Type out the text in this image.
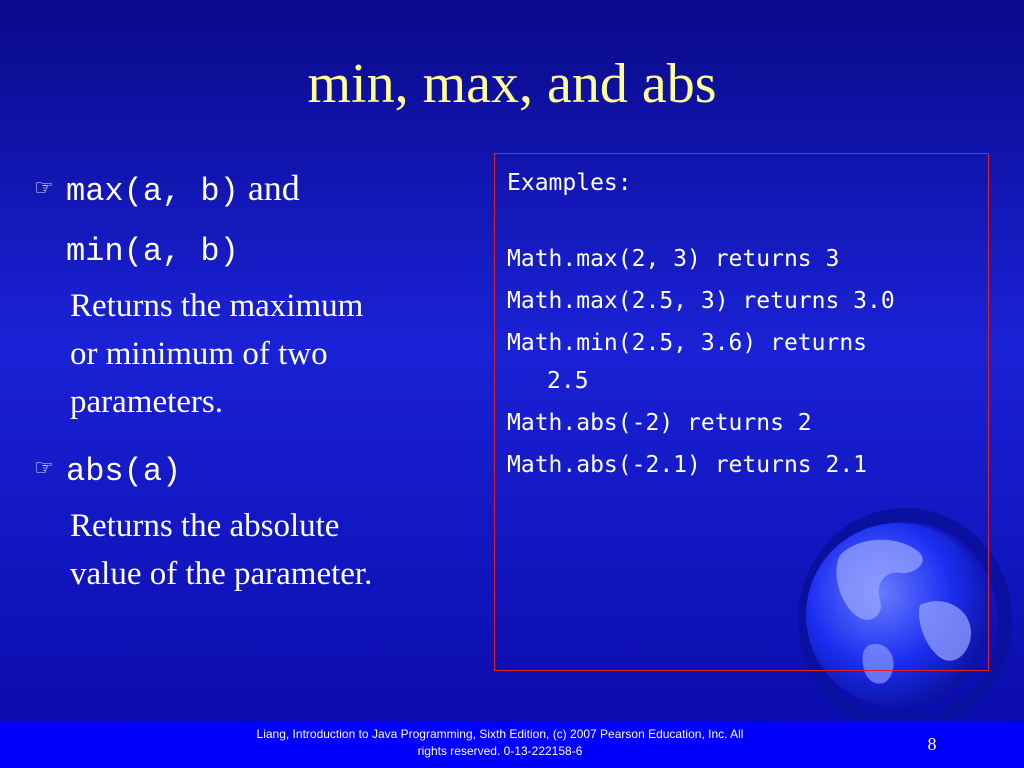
min, max, and abs
☞ max(a, b) and
min(a, b)
Returns the maximum
or minimum of two
parameters.
☞ abs(a)
Returns the absolute
value of the parameter.
Examples:
Math.max(2, 3) returns 3
Math.max(2.5, 3) returns 3.0
Math.min(2.5, 3.6) returns 2.5
Math.abs(-2) returns 2
Math.abs(-2.1) returns 2.1
Liang, Introduction to Java Programming, Sixth Edition, (c) 2007 Pearson Education, Inc. All
rights reserved. 0-13-222158-6	8
